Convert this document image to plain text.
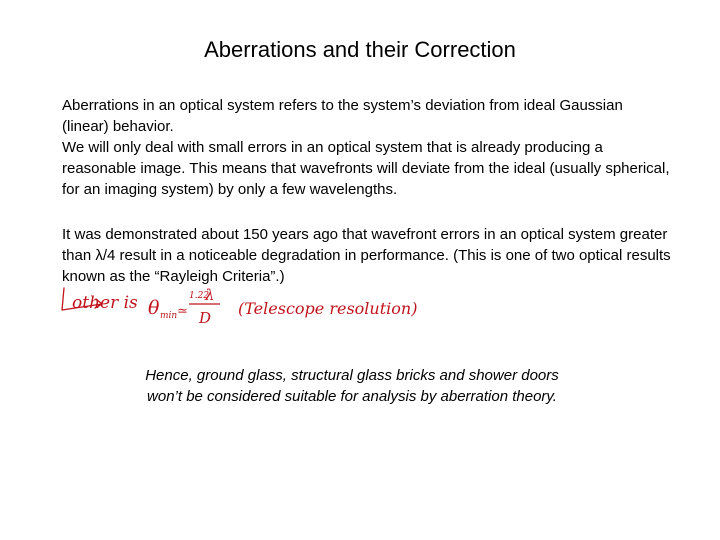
Aberrations and their Correction

Aberrations in an optical system refers to the system’s deviation from ideal Gaussian (linear) behavior.

We will only deal with small errors in an optical system that is already producing a reasonable image. This means that wavefronts will deviate from the ideal (usually spherical, for an imaging system) by only a few wavelengths.

It was demonstrated about 150 years ago that wavefront errors in an optical system greater than λ/4 result in a noticeable degradation in performance. (This is one of two optical results known as the “Rayleigh Criteria”.)

other is θ min ≃
1.22
λ
D (Telescope resolution)

Hence, ground glass, structural glass bricks and shower doors

won’t be considered suitable for analysis by aberration theory.
